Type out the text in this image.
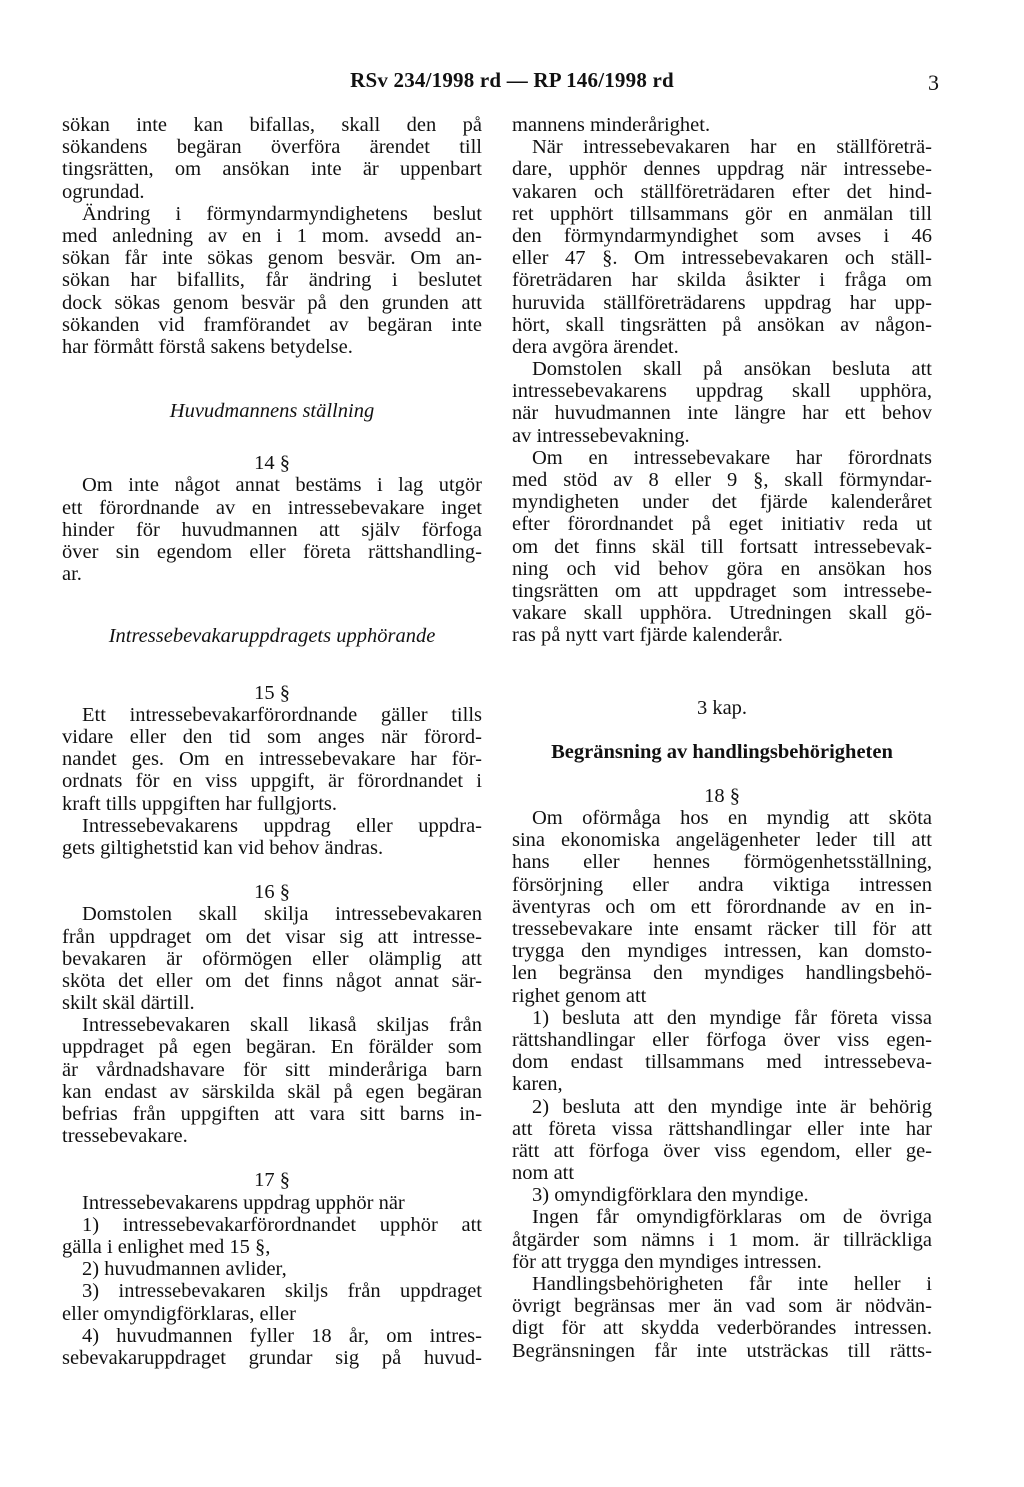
RSv 234/1998 rd — RP 146/1998 rd	3
sökan inte kan bifallas, skall den på
sökandens begäran överföra ärendet till
tingsrätten, om ansökan inte är uppenbart
ogrundad.
Ändring i förmyndarmyndighetens beslut
med anledning av en i 1 mom. avsedd an-
sökan får inte sökas genom besvär. Om an-
sökan har bifallits, får ändring i beslutet
dock sökas genom besvär på den grunden att
sökanden vid framförandet av begäran inte
har förmått förstå sakens betydelse.
Huvudmannens ställning
14 §
Om inte något annat bestäms i lag utgör
ett förordnande av en intressebevakare inget
hinder för huvudmannen att själv förfoga
över sin egendom eller företa rättshandling-
ar.
Intressebevakaruppdragets upphörande
15 §
Ett intressebevakarförordnande gäller tills
vidare eller den tid som anges när förord-
nandet ges. Om en intressebevakare har för-
ordnats för en viss uppgift, är förordnandet i
kraft tills uppgiften har fullgjorts.
Intressebevakarens uppdrag eller uppdra-
gets giltighetstid kan vid behov ändras.
16 §
Domstolen skall skilja intressebevakaren
från uppdraget om det visar sig att intresse-
bevakaren är oförmögen eller olämplig att
sköta det eller om det finns något annat sär-
skilt skäl därtill.
Intressebevakaren skall likaså skiljas från
uppdraget på egen begäran. En förälder som
är vårdnadshavare för sitt minderåriga barn
kan endast av särskilda skäl på egen begäran
befrias från uppgiften att vara sitt barns in-
tressebevakare.
17 §
Intressebevakarens uppdrag upphör när
1) intressebevakarförordnandet upphör att
gälla i enlighet med 15 §,
2) huvudmannen avlider,
3) intressebevakaren skiljs från uppdraget
eller omyndigförklaras, eller
4) huvudmannen fyller 18 år, om intres-
sebevakaruppdraget grundar sig på huvud-
mannens minderårighet.
När intressebevakaren har en ställföreträ-
dare, upphör dennes uppdrag när intressebe-
vakaren och ställföreträdaren efter det hind-
ret upphört tillsammans gör en anmälan till
den förmyndarmyndighet som avses i 46
eller 47 §. Om intressebevakaren och ställ-
företrädaren har skilda åsikter i fråga om
huruvida ställföreträdarens uppdrag har upp-
hört, skall tingsrätten på ansökan av någon-
dera avgöra ärendet.
Domstolen skall på ansökan besluta att
intressebevakarens uppdrag skall upphöra,
när huvudmannen inte längre har ett behov
av intressebevakning.
Om en intressebevakare har förordnats
med stöd av 8 eller 9 §, skall förmyndar-
myndigheten under det fjärde kalenderåret
efter förordnandet på eget initiativ reda ut
om det finns skäl till fortsatt intressebevak-
ning och vid behov göra en ansökan hos
tingsrätten om att uppdraget som intressebe-
vakare skall upphöra. Utredningen skall gö-
ras på nytt vart fjärde kalenderår.
3 kap.
Begränsning av handlingsbehörigheten
18 §
Om oförmåga hos en myndig att sköta
sina ekonomiska angelägenheter leder till att
hans eller hennes förmögenhetsställning,
försörjning eller andra viktiga intressen
äventyras och om ett förordnande av en in-
tressebevakare inte ensamt räcker till för att
trygga den myndiges intressen, kan domsto-
len begränsa den myndiges handlingsbehö-
righet genom att
1) besluta att den myndige får företa vissa
rättshandlingar eller förfoga över viss egen-
dom endast tillsammans med intressebeva-
karen,
2) besluta att den myndige inte är behörig
att företa vissa rättshandlingar eller inte har
rätt att förfoga över viss egendom, eller ge-
nom att
3) omyndigförklara den myndige.
Ingen får omyndigförklaras om de övriga
åtgärder som nämns i 1 mom. är tillräckliga
för att trygga den myndiges intressen.
Handlingsbehörigheten får inte heller i
övrigt begränsas mer än vad som är nödvän-
digt för att skydda vederbörandes intressen.
Begränsningen får inte utsträckas till rätts-
